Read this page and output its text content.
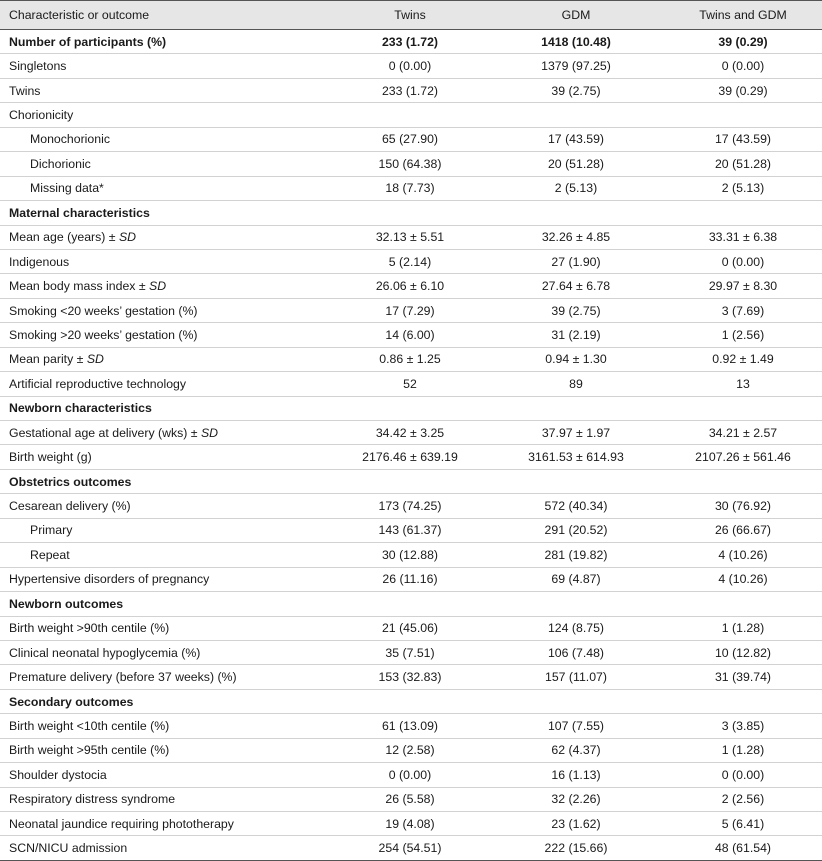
Characteristic or outcome	Twins	GDM	Twins and GDM
Number of participants (%)	233 (1.72)	1418 (10.48)	39 (0.29)
Singletons	0 (0.00)	1379 (97.25)	0 (0.00)
Twins	233 (1.72)	39 (2.75)	39 (0.29)
Chorionicity			
Monochorionic	65 (27.90)	17 (43.59)	17 (43.59)
Dichorionic	150 (64.38)	20 (51.28)	20 (51.28)
Missing data*	18 (7.73)	2 (5.13)	2 (5.13)
Maternal characteristics			
Mean age (years) ± SD	32.13 ± 5.51	32.26 ± 4.85	33.31 ± 6.38
Indigenous	5 (2.14)	27 (1.90)	0 (0.00)
Mean body mass index ± SD	26.06 ± 6.10	27.64 ± 6.78	29.97 ± 8.30
Smoking <20 weeks’ gestation (%)	17 (7.29)	39 (2.75)	3 (7.69)
Smoking >20 weeks’ gestation (%)	14 (6.00)	31 (2.19)	1 (2.56)
Mean parity ± SD	0.86 ± 1.25	0.94 ± 1.30	0.92 ± 1.49
Artificial reproductive technology	52	89	13
Newborn characteristics			
Gestational age at delivery (wks) ± SD	34.42 ± 3.25	37.97 ± 1.97	34.21 ± 2.57
Birth weight (g)	2176.46 ± 639.19	3161.53 ± 614.93	2107.26 ± 561.46
Obstetrics outcomes			
Cesarean delivery (%)	173 (74.25)	572 (40.34)	30 (76.92)
Primary	143 (61.37)	291 (20.52)	26 (66.67)
Repeat	30 (12.88)	281 (19.82)	4 (10.26)
Hypertensive disorders of pregnancy	26 (11.16)	69 (4.87)	4 (10.26)
Newborn outcomes			
Birth weight >90th centile (%)	21 (45.06)	124 (8.75)	1 (1.28)
Clinical neonatal hypoglycemia (%)	35 (7.51)	106 (7.48)	10 (12.82)
Premature delivery (before 37 weeks) (%)	153 (32.83)	157 (11.07)	31 (39.74)
Secondary outcomes			
Birth weight <10th centile (%)	61 (13.09)	107 (7.55)	3 (3.85)
Birth weight >95th centile (%)	12 (2.58)	62 (4.37)	1 (1.28)
Shoulder dystocia	0 (0.00)	16 (1.13)	0 (0.00)
Respiratory distress syndrome	26 (5.58)	32 (2.26)	2 (2.56)
Neonatal jaundice requiring phototherapy	19 (4.08)	23 (1.62)	5 (6.41)
SCN/NICU admission	254 (54.51)	222 (15.66)	48 (61.54)
